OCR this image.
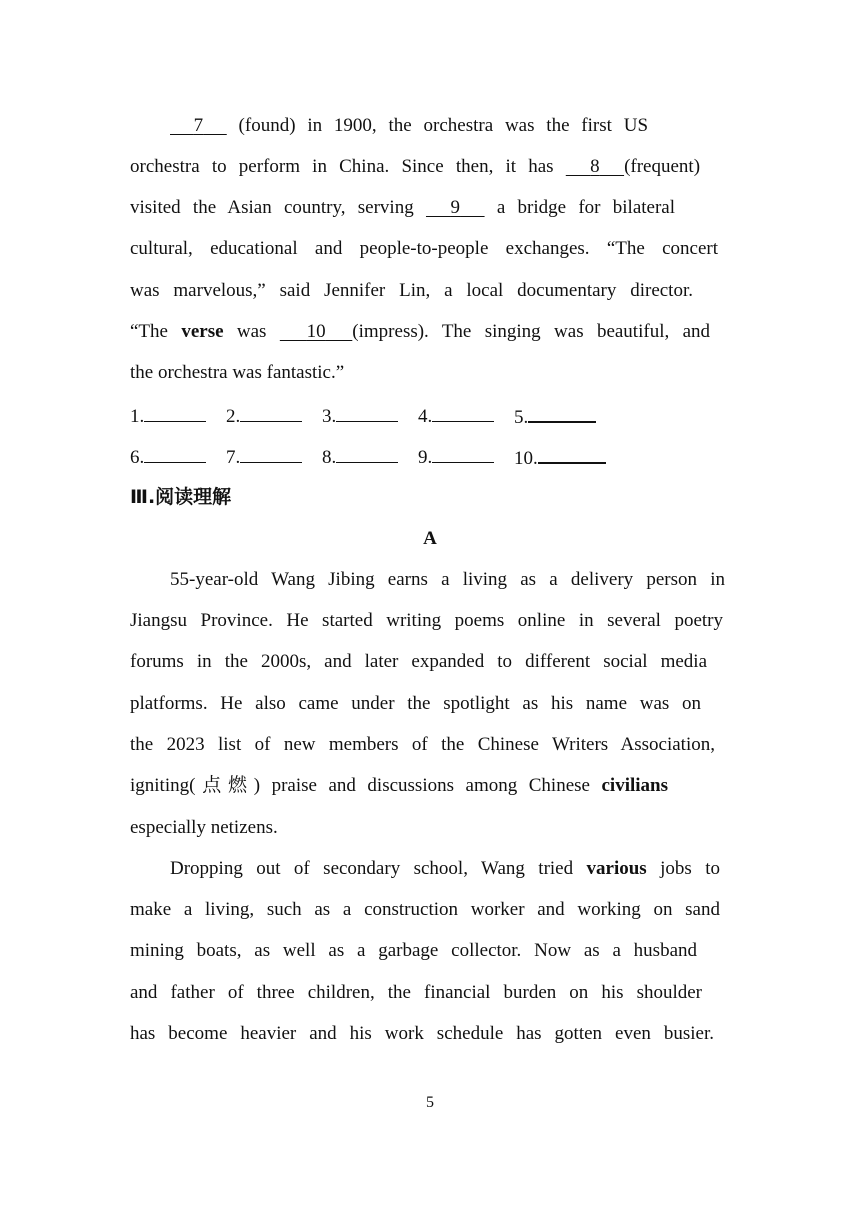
7   (found) in 1900, the orchestra was the first US
orchestra to perform in China. Since then, it has   8 (frequent)
visited the Asian country, serving   9   a bridge for bilateral
cultural, educational and people-to-people exchanges. “The concert
was marvelous,” said Jennifer Lin, a local documentary director.
“The verse was   10 (impress). The singing was beautiful, and
the orchestra was fantastic.”
1.	2.	3.	4.	5.
6.	7.	8.	9.	10.
Ⅲ.阅读理解
A
55-year-old Wang Jibing earns a living as a delivery person in
Jiangsu Province. He started writing poems online in several poetry
forums in the 2000s, and later expanded to different social media
platforms. He also came under the spotlight as his name was on
the 2023 list of new members of the Chinese Writers Association,
igniting(点燃) praise and discussions among Chinese civilians
especially netizens.
Dropping out of secondary school, Wang tried various jobs to
make a living, such as a construction worker and working on sand
mining boats, as well as a garbage collector. Now as a husband
and father of three children, the financial burden on his shoulder
has become heavier and his work schedule has gotten even busier.
5
